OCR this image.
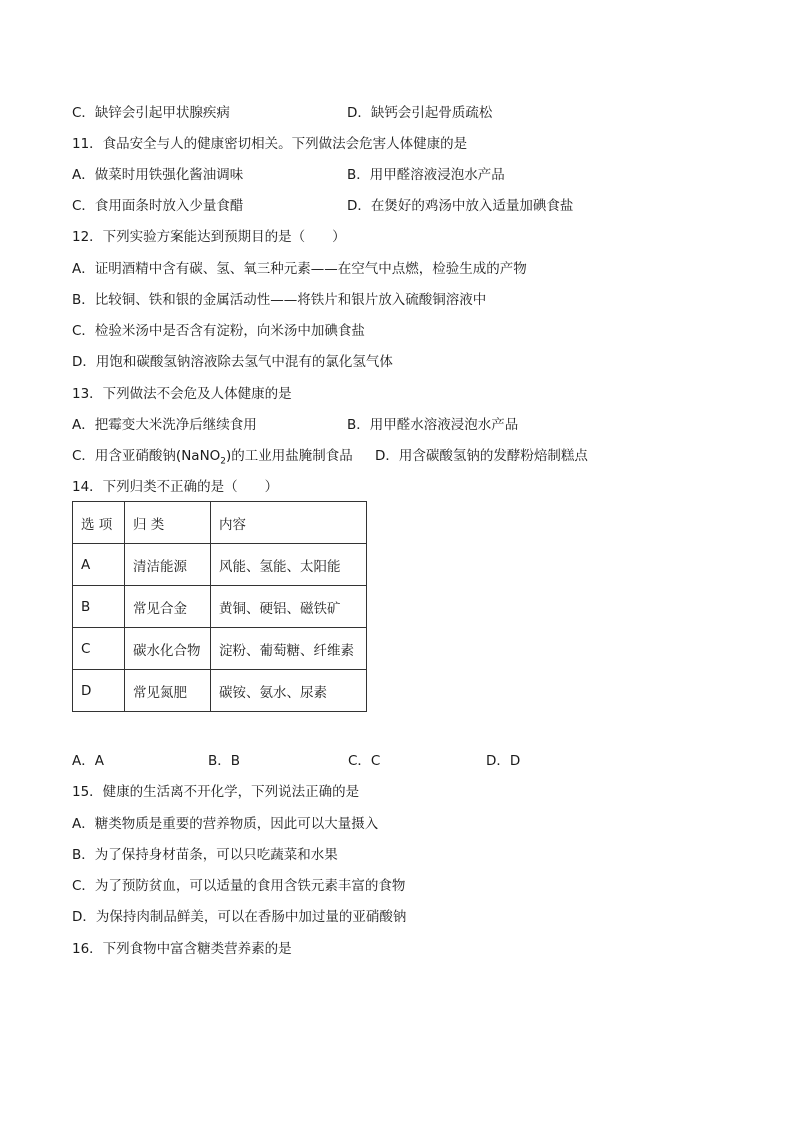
C．缺锌会引起甲状腺疾病	D．缺钙会引起骨质疏松
11．食品安全与人的健康密切相关。下列做法会危害人体健康的是
A．做菜时用铁强化酱油调味	B．用甲醛溶液浸泡水产品
C．食用面条时放入少量食醋	D．在煲好的鸡汤中放入适量加碘食盐
12．下列实验方案能达到预期目的是（　　）
A．证明酒精中含有碳、氢、氧三种元素——在空气中点燃，检验生成的产物
B．比较铜、铁和银的金属活动性——将铁片和银片放入硫酸铜溶液中
C．检验米汤中是否含有淀粉，向米汤中加碘食盐
D．用饱和碳酸氢钠溶液除去氢气中混有的氯化氢气体
13．下列做法不会危及人体健康的是
A．把霉变大米洗净后继续食用	B．用甲醛水溶液浸泡水产品
C．用含亚硝酸钠(NaNO$_2$)的工业用盐腌制食品 D．用含碳酸氢钠的发酵粉焙制糕点
14．下列归类不正确的是（　　）
选 项	归 类	内容
A	清洁能源	风能、氢能、太阳能
B	常见合金	黄铜、硬铝、磁铁矿
C	碳水化合物	淀粉、葡萄糖、纤维素
D	常见氮肥	碳铵、氨水、尿素
A．A	B．B	C．C	D．D
15．健康的生活离不开化学，下列说法正确的是
A．糖类物质是重要的营养物质，因此可以大量摄入
B．为了保持身材苗条，可以只吃蔬菜和水果
C．为了预防贫血，可以适量的食用含铁元素丰富的食物
D．为保持肉制品鲜美，可以在香肠中加过量的亚硝酸钠
16．下列食物中富含糖类营养素的是
